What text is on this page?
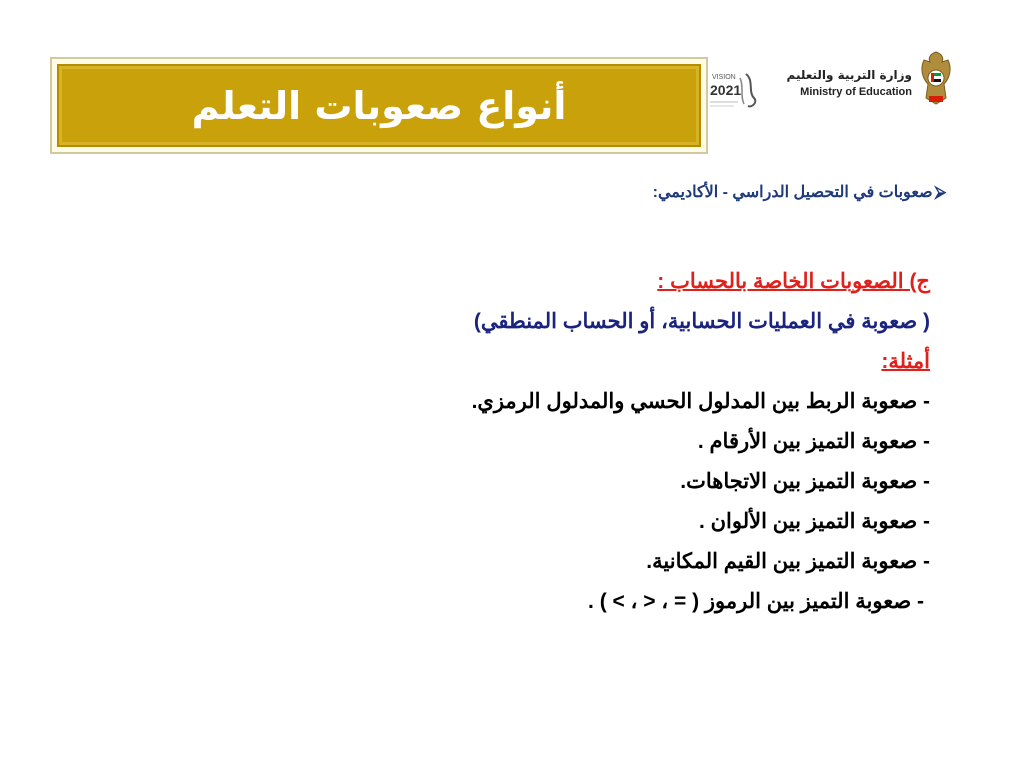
أنواع صعوبات التعلم
VISION
2021
وزارة التربية والتعليم
Ministry of Education
⮚صعوبات في التحصيل الدراسي - الأكاديمي:
ج) الصعوبات الخاصة بالحساب :
( صعوبة في العمليات الحسابية، أو الحساب المنطقي)
أمثلة:
- صعوبة الربط بين المدلول الحسي والمدلول الرمزي.
- صعوبة التميز بين الأرقام .
- صعوبة التميز بين الاتجاهات.
- صعوبة التميز بين الألوان .
- صعوبة التميز بين القيم المكانية.
- صعوبة التميز بين الرموز ( = ، < ، > ) .
